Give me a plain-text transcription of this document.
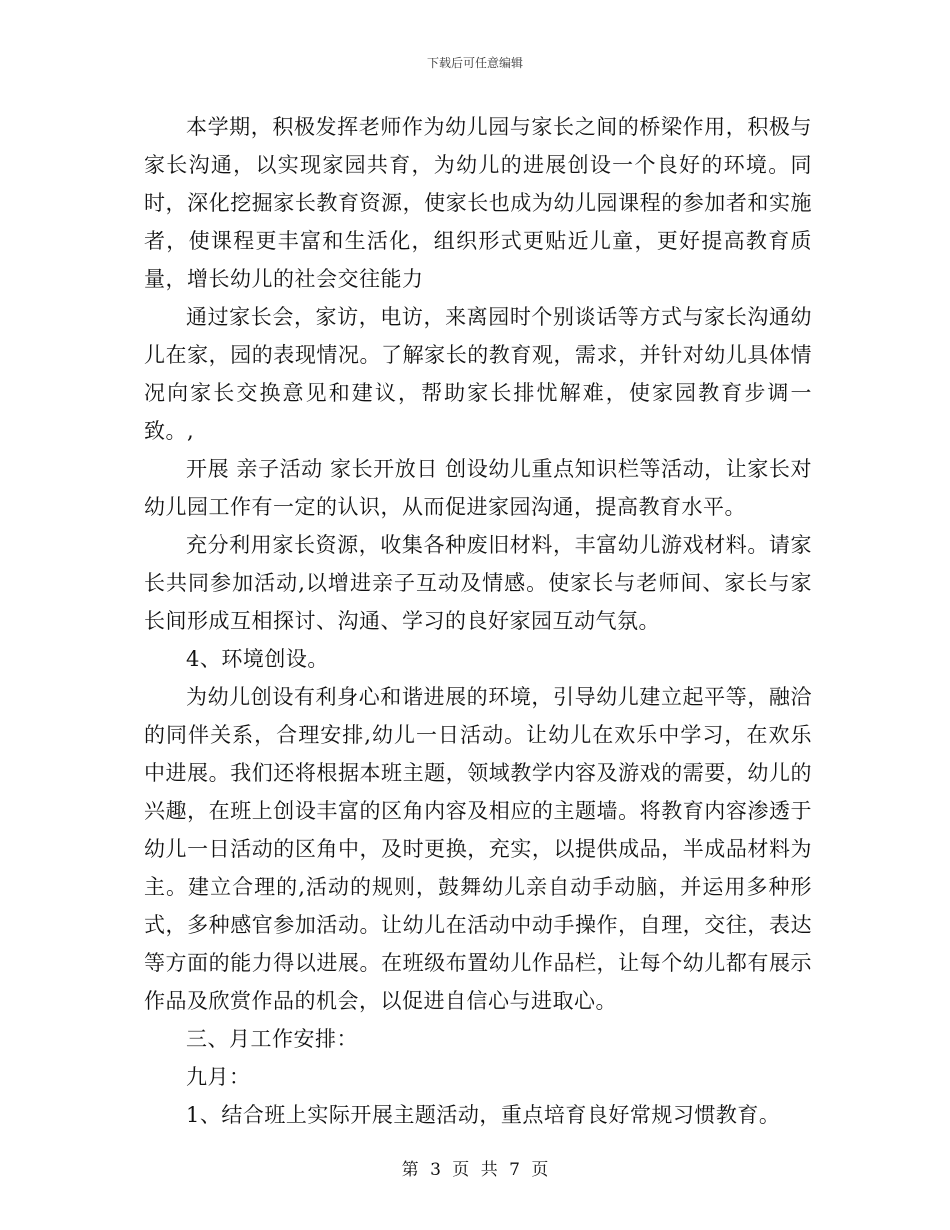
下载后可任意编辑

本学期，积极发挥老师作为幼儿园与家长之间的桥梁作用，积极与家长沟通，以实现家园共育，为幼儿的进展创设一个良好的环境。同时，深化挖掘家长教育资源，使家长也成为幼儿园课程的参加者和实施者，使课程更丰富和生活化，组织形式更贴近儿童，更好提高教育质量，增长幼儿的社会交往能力

通过家长会，家访，电访，来离园时个别谈话等方式与家长沟通幼儿在家，园的表现情况。了解家长的教育观，需求，并针对幼儿具体情况向家长交换意见和建议，帮助家长排忧解难，使家园教育步调一致。,

开展 亲子活动 家长开放日 创设幼儿重点知识栏等活动，让家长对幼儿园工作有一定的认识，从而促进家园沟通，提高教育水平。

充分利用家长资源，收集各种废旧材料，丰富幼儿游戏材料。请家长共同参加活动,以增进亲子互动及情感。使家长与老师间、家长与家长间形成互相探讨、沟通、学习的良好家园互动气氛。

4、环境创设。

为幼儿创设有利身心和谐进展的环境，引导幼儿建立起平等，融洽的同伴关系，合理安排,幼儿一日活动。让幼儿在欢乐中学习，在欢乐中进展。我们还将根据本班主题，领域教学内容及游戏的需要，幼儿的兴趣，在班上创设丰富的区角内容及相应的主题墙。将教育内容渗透于幼儿一日活动的区角中，及时更换，充实，以提供成品，半成品材料为主。建立合理的,活动的规则，鼓舞幼儿亲自动手动脑，并运用多种形式，多种感官参加活动。让幼儿在活动中动手操作，自理，交往，表达等方面的能力得以进展。在班级布置幼儿作品栏，让每个幼儿都有展示作品及欣赏作品的机会，以促进自信心与进取心。

三、月工作安排：

九月：

1、结合班上实际开展主题活动，重点培育良好常规习惯教育。

第 3 页 共 7 页
